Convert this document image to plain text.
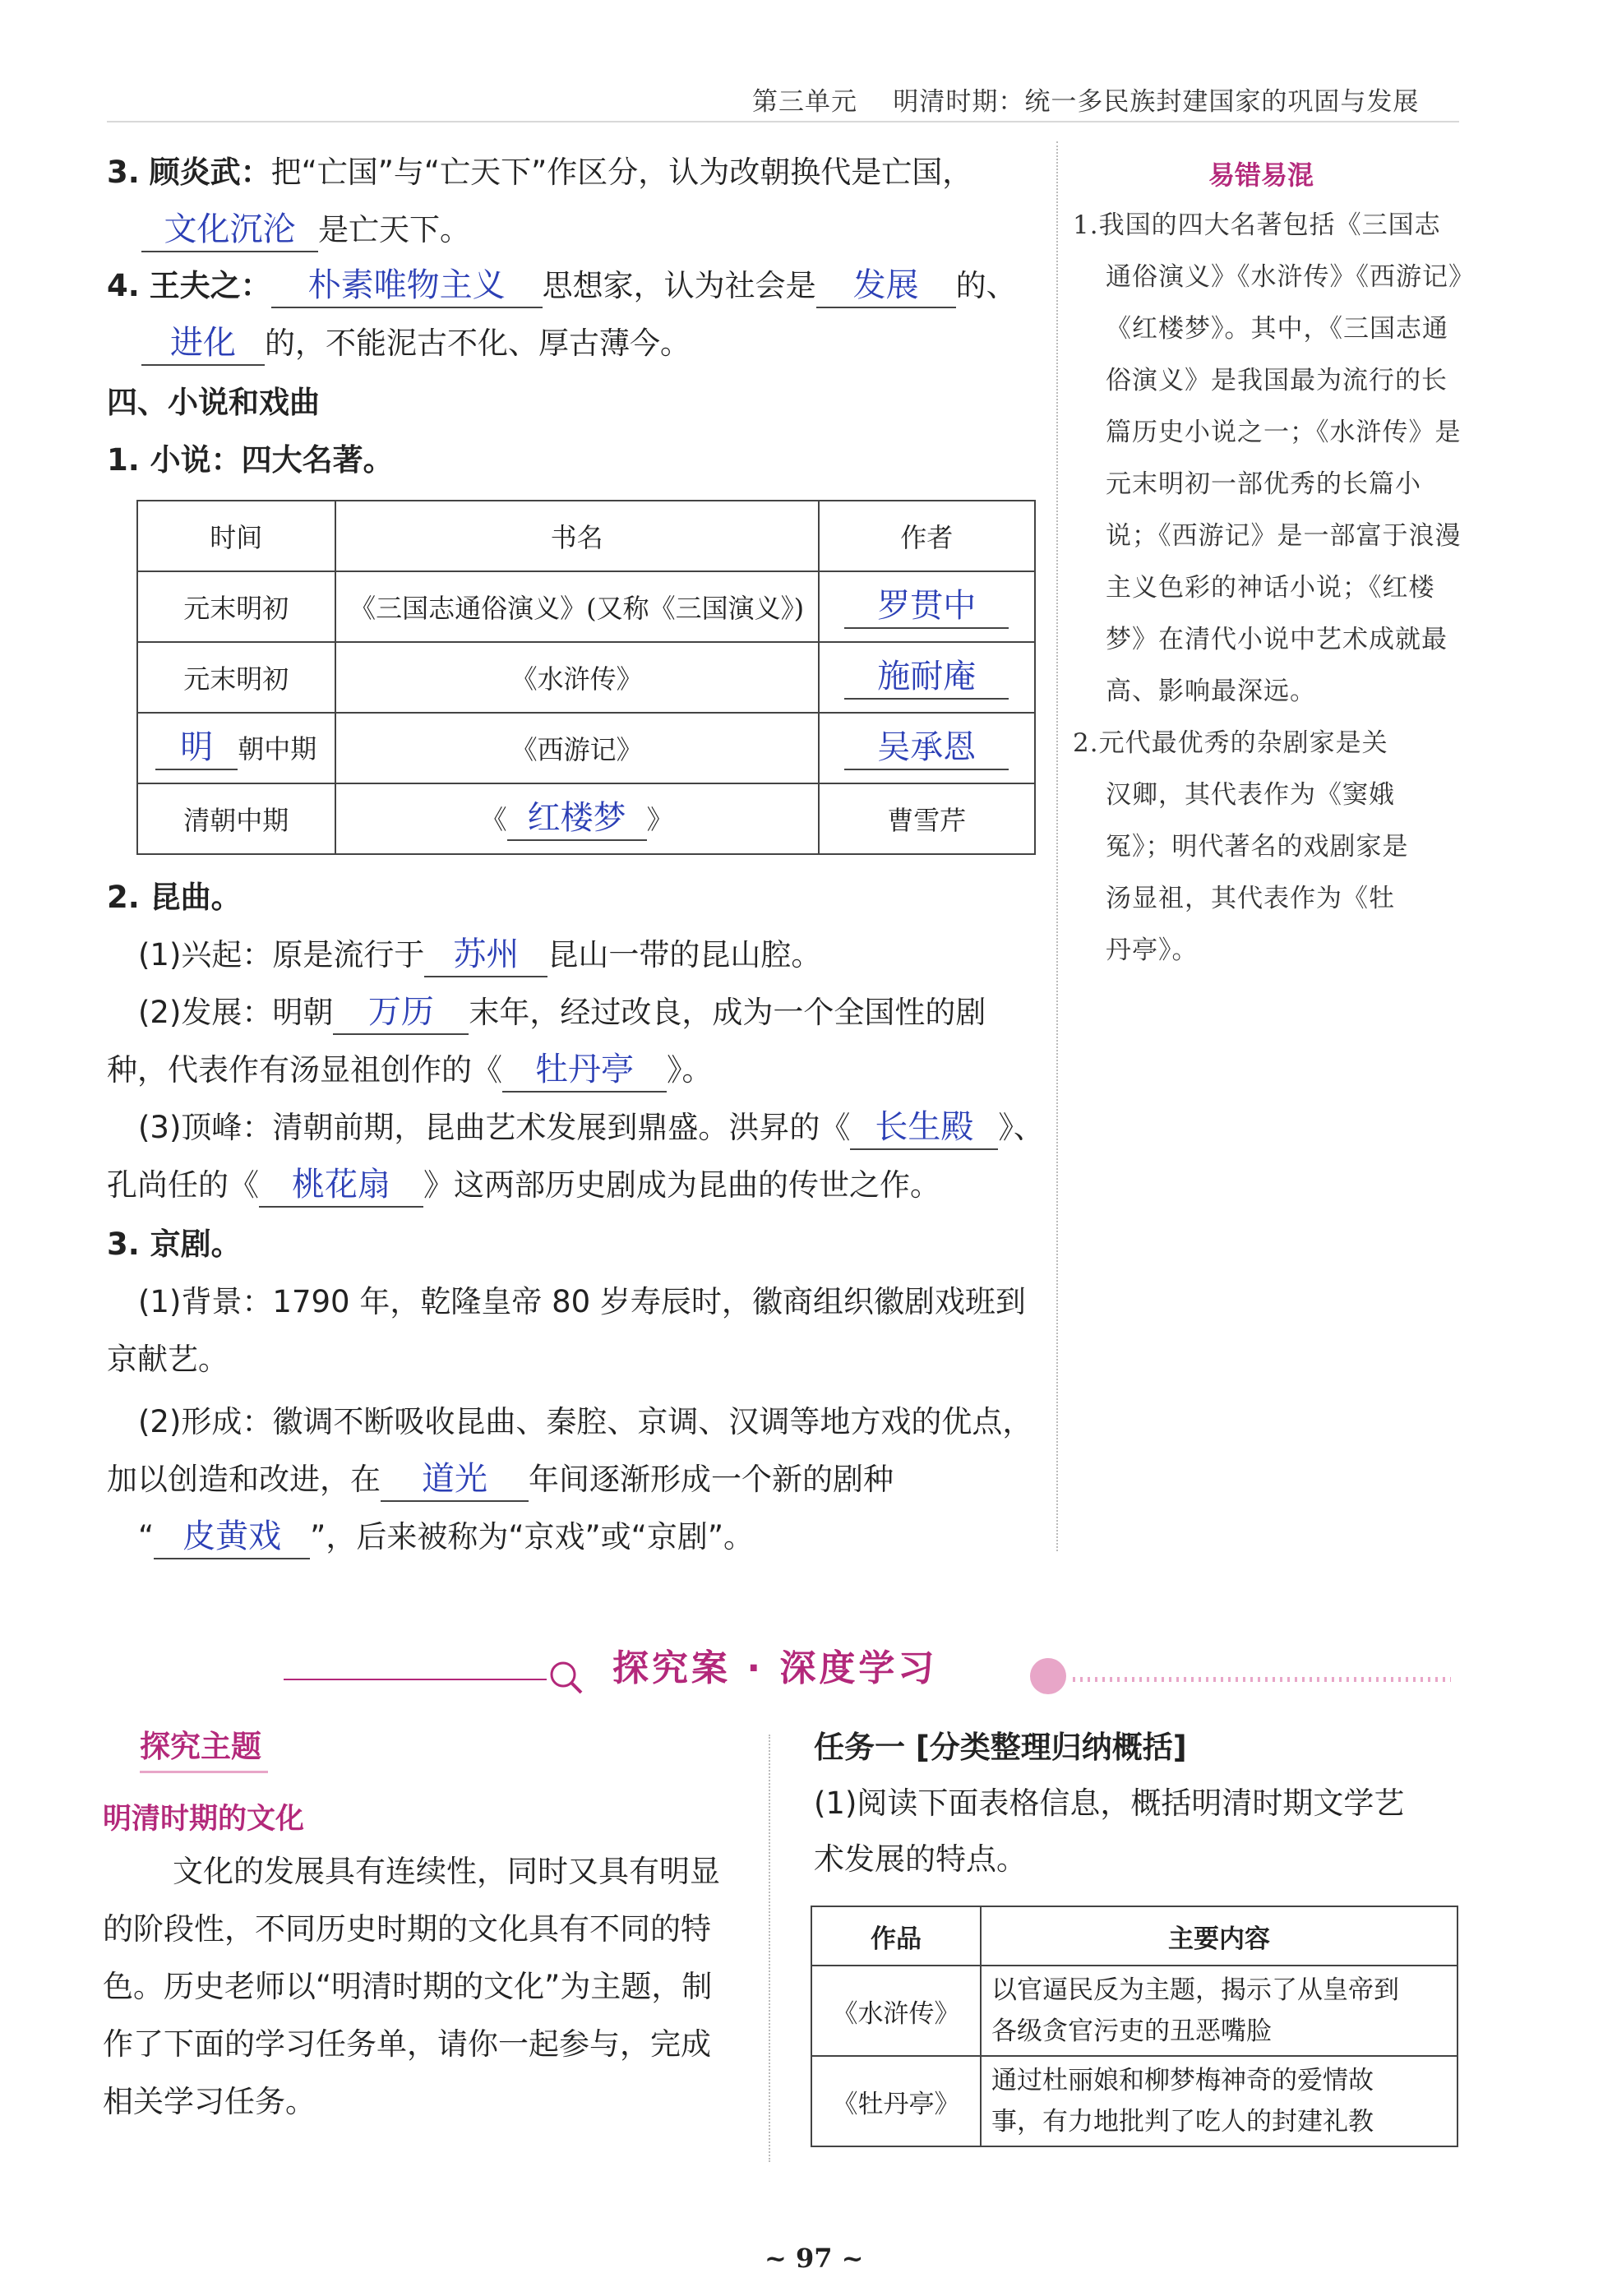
第三单元 明清时期：统一多民族封建国家的巩固与发展
3. 顾炎武：把“亡国”与“亡天下”作区分，认为改朝换代是亡国，
文化沉沦 是亡天下。
4. 王夫之： 朴素唯物主义 思想家，认为社会是 发展 的、
进化 的，不能泥古不化、厚古薄今。
四、小说和戏曲
1. 小说：四大名著。
时间	书名	作者
元末明初	《三国志通俗演义》(又称《三国演义》)	罗贯中
元末明初	《水浒传》	施耐庵
明 朝中期	《西游记》	吴承恩
清朝中期	《 红楼梦 》	曹雪芹
2. 昆曲。
(1)兴起：原是流行于 苏州 昆山一带的昆山腔。
(2)发展：明朝 万历 末年，经过改良，成为一个全国性的剧
种，代表作有汤显祖创作的《 牡丹亭 》。
(3)顶峰：清朝前期，昆曲艺术发展到鼎盛。洪昇的《 长生殿 》、
孔尚任的《 桃花扇 》这两部历史剧成为昆曲的传世之作。
3. 京剧。
(1)背景：1790 年，乾隆皇帝 80 岁寿辰时，徽商组织徽剧戏班到
京献艺。
(2)形成：徽调不断吸收昆曲、秦腔、京调、汉调等地方戏的优点，
加以创造和改进，在 道光 年间逐渐形成一个新的剧种
“ 皮黄戏 ”，后来被称为“京戏”或“京剧”。
易错易混
1.我国的四大名著包括《三国志
通俗演义》《水浒传》《西游记》
《红楼梦》。其中，《三国志通
俗演义》是我国最为流行的长
篇历史小说之一；《水浒传》是
元末明初一部优秀的长篇小
说；《西游记》是一部富于浪漫
主义色彩的神话小说；《红楼
梦》在清代小说中艺术成就最
高、影响最深远。
2.元代最优秀的杂剧家是关
汉卿，其代表作为《窦娥
冤》；明代著名的戏剧家是
汤显祖，其代表作为《牡
丹亭》。
探究案 · 深度学习
探究主题
明清时期的文化
文化的发展具有连续性，同时又具有明显
的阶段性，不同历史时期的文化具有不同的特
色。历史老师以“明清时期的文化”为主题，制
作了下面的学习任务单，请你一起参与，完成
相关学习任务。
任务一 [分类整理归纳概括]
(1)阅读下面表格信息，概括明清时期文学艺
术发展的特点。
作品	主要内容
《水浒传》	以官逼民反为主题，揭示了从皇帝到
各级贪官污吏的丑恶嘴脸

《牡丹亭》	通过杜丽娘和柳梦梅神奇的爱情故
事，有力地批判了吃人的封建礼教
~ 97 ~
